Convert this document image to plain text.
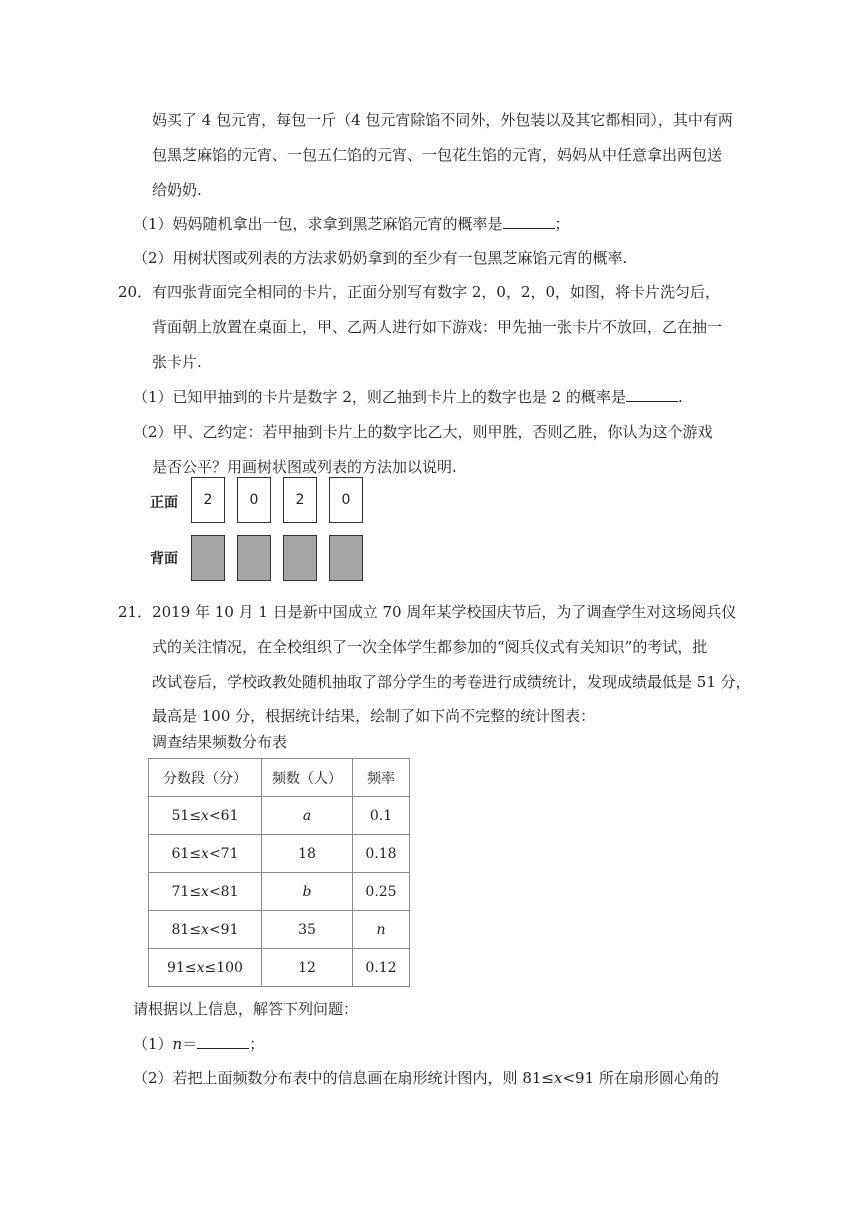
妈买了 4 包元宵，每包一斤（4 包元宵除馅不同外，外包装以及其它都相同），其中有两
包黑芝麻馅的元宵、一包五仁馅的元宵、一包花生馅的元宵，妈妈从中任意拿出两包送
给奶奶.
（1）妈妈随机拿出一包，求拿到黑芝麻馅元宵的概率是	；
（2）用树状图或列表的方法求奶奶拿到的至少有一包黑芝麻馅元宵的概率.
20．有四张背面完全相同的卡片，正面分别写有数字 2，0，2，0，如图，将卡片洗匀后，
背面朝上放置在桌面上，甲、乙两人进行如下游戏：甲先抽一张卡片不放回，乙在抽一
张卡片.
（1）已知甲抽到的卡片是数字 2，则乙抽到卡片上的数字也是 2 的概率是	.
（2）甲、乙约定：若甲抽到卡片上的数字比乙大，则甲胜，否则乙胜，你认为这个游戏
是否公平？用画树状图或列表的方法加以说明.
正面	2	0	2	0
背面
21．2019 年 10 月 1 日是新中国成立 70 周年某学校国庆节后，为了调查学生对这场阅兵仪
式的关注情况，在全校组织了一次全体学生都参加的“阅兵仪式有关知识”的考试，批
改试卷后，学校政教处随机抽取了部分学生的考卷进行成绩统计，发现成绩最低是 51 分，
最高是 100 分，根据统计结果，绘制了如下尚不完整的统计图表：
调查结果频数分布表
分数段（分）	频数（人）	频率
51≤x<61	a	0.1
61≤x<71	18	0.18
71≤x<81	b	0.25
81≤x<91	35	n
91≤x≤100	12	0.12
请根据以上信息，解答下列问题：
（1）n＝	；
（2）若把上面频数分布表中的信息画在扇形统计图内，则 81≤x<91 所在扇形圆心角的
